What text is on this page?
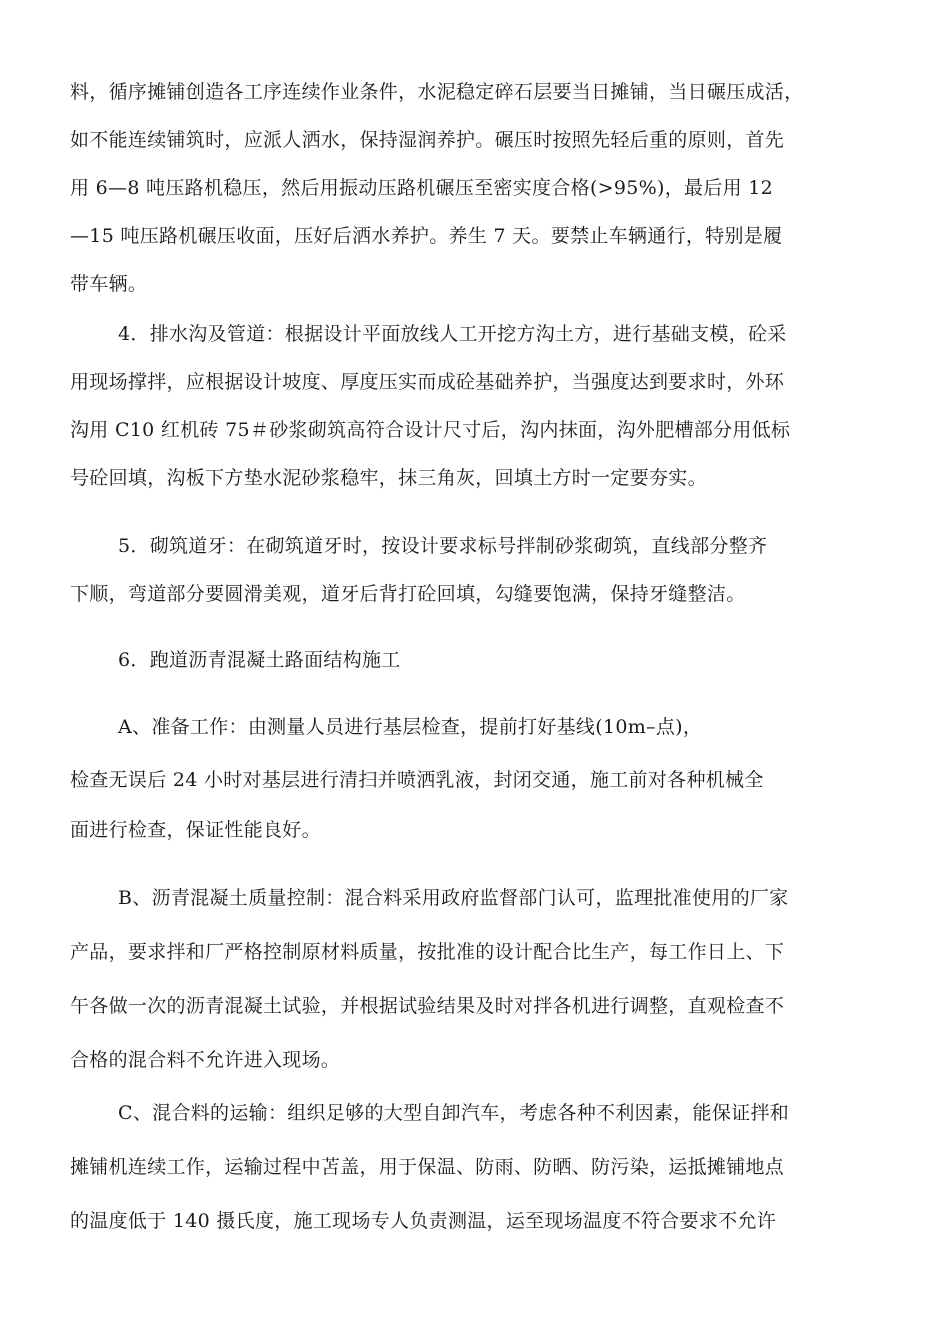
料，循序摊铺创造各工序连续作业条件，水泥稳定碎石层要当日摊铺，当日碾压成活，
如不能连续铺筑时，应派人洒水，保持湿润养护。碾压时按照先轻后重的原则，首先
用 6—8 吨压路机稳压，然后用振动压路机碾压至密实度合格(>95%)，最后用 12
—15 吨压路机碾压收面，压好后洒水养护。养生 7 天。要禁止车辆通行，特别是履
带车辆。
4．排水沟及管道：根据设计平面放线人工开挖方沟土方，进行基础支模，砼采
用现场撑拌，应根据设计坡度、厚度压实而成砼基础养护，当强度达到要求时，外环
沟用 C10 红机砖 75＃砂浆砌筑高符合设计尺寸后，沟内抹面，沟外肥槽部分用低标
号砼回填，沟板下方垫水泥砂浆稳牢，抹三角灰，回填土方时一定要夯实。
5．砌筑道牙：在砌筑道牙时，按设计要求标号拌制砂浆砌筑，直线部分整齐
下顺，弯道部分要圆滑美观，道牙后背打砼回填，勾缝要饱满，保持牙缝整洁。
6．跑道沥青混凝土路面结构施工
A、准备工作：由测量人员进行基层检查，提前打好基线(10m–点)，
检查无误后 24 小时对基层进行清扫并喷洒乳液，封闭交通，施工前对各种机械全
面进行检查，保证性能良好。
B、沥青混凝土质量控制：混合料采用政府监督部门认可，监理批准使用的厂家
产品，要求拌和厂严格控制原材料质量，按批准的设计配合比生产，每工作日上、下
午各做一次的沥青混凝土试验，并根据试验结果及时对拌各机进行调整，直观检查不
合格的混合料不允许进入现场。
C、混合料的运输：组织足够的大型自卸汽车，考虑各种不利因素，能保证拌和
摊铺机连续工作，运输过程中苫盖，用于保温、防雨、防晒、防污染，运抵摊铺地点
的温度低于 140 摄氏度，施工现场专人负责测温，运至现场温度不符合要求不允许
